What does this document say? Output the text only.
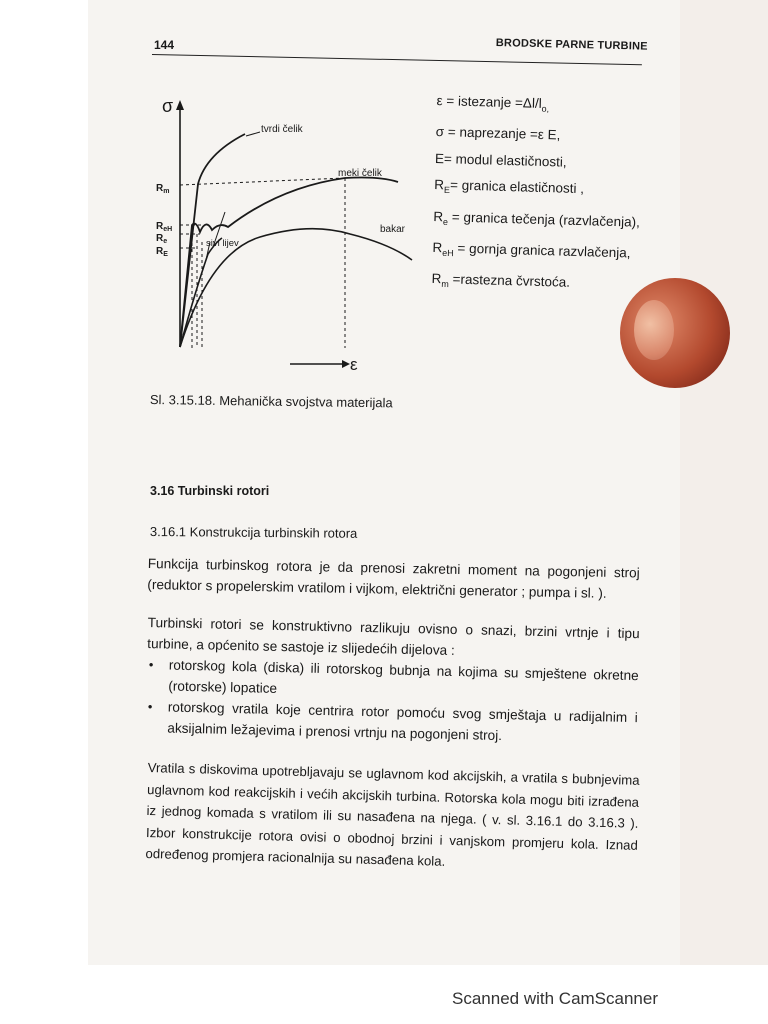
144	BRODSKE PARNE TURBINE
σ
ε
tvrdi čelik
meki čelik
bakar
sivi lijev
$R_m$
$R_{eH}$
$R_e$
$R_E$
ε = istezanje $=\Delta l/l_{o,}$
σ = naprezanje =ε E,
E= modul elastičnosti,
$R_E=$ granica elastičnosti ,
$R_e$ = granica tečenja (razvlačenja),
$R_{eH}$ = gornja granica razvlačenja,
$R_m$ =rastezna čvrstoća.
Sl. 3.15.18. Mehanička svojstva materijala
3.16 Turbinski rotori
3.16.1 Konstrukcija turbinskih rotora
Funkcija turbinskog rotora je da prenosi zakretni moment na pogonjeni stroj (reduktor s propelerskim vratilom i vijkom, električni generator ; pumpa i sl. ).
Turbinski rotori se konstruktivno razlikuju ovisno o snazi, brzini vrtnje i tipu turbine, a općenito se sastoje iz slijedećih dijelova :
• rotorskog kola (diska) ili rotorskog bubnja na kojima su smještene okretne (rotorske) lopatice
• rotorskog vratila koje centrira rotor pomoću svog smještaja u radijalnim i aksijalnim ležajevima i prenosi vrtnju na pogonjeni stroj.
Vratila s diskovima upotrebljavaju se uglavnom kod akcijskih, a vratila s bubnjevima uglavnom kod reakcijskih i većih akcijskih turbina. Rotorska kola mogu biti izrađena iz jednog komada s vratilom ili su nasađena na njega. ( v. sl. 3.16.1 do 3.16.3 ). Izbor konstrukcije rotora ovisi o obodnoj brzini i vanjskom promjeru kola. Iznad određenog promjera racionalnija su nasađena kola.
Scanned with CamScanner
